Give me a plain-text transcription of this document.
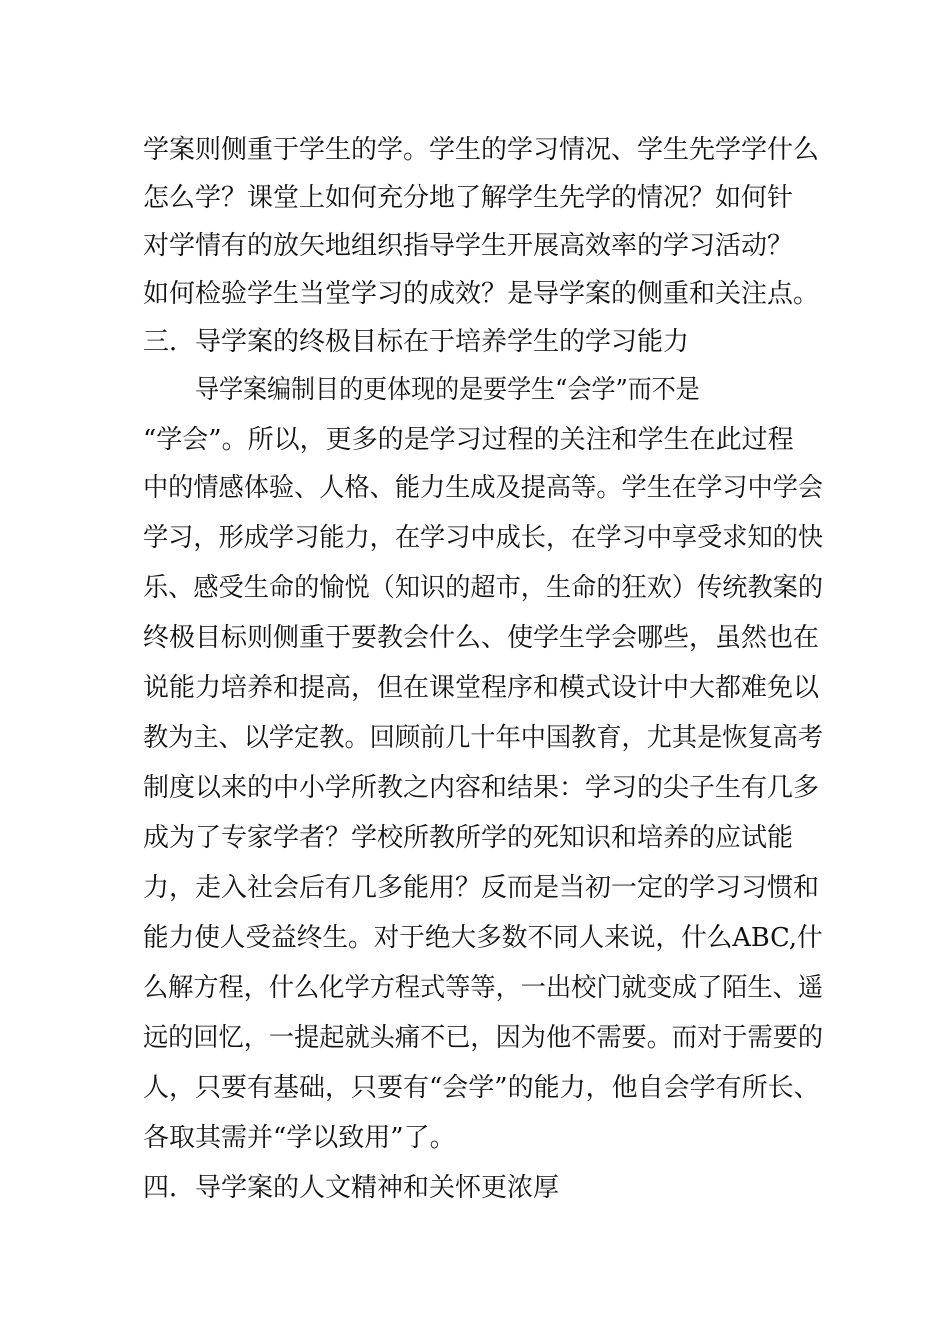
学案则侧重于学生的学。学生的学习情况、学生先学学什么
怎么学？课堂上如何充分地了解学生先学的情况？如何针
对学情有的放矢地组织指导学生开展高效率的学习活动？
如何检验学生当堂学习的成效？是导学案的侧重和关注点。
三．导学案的终极目标在于培养学生的学习能力
导学案编制目的更体现的是要学生“会学”而不是
“学会”。所以，更多的是学习过程的关注和学生在此过程
中的情感体验、人格、能力生成及提高等。学生在学习中学会
学习，形成学习能力，在学习中成长，在学习中享受求知的快
乐、感受生命的愉悦（知识的超市，生命的狂欢）传统教案的
终极目标则侧重于要教会什么、使学生学会哪些，虽然也在
说能力培养和提高，但在课堂程序和模式设计中大都难免以
教为主、以学定教。回顾前几十年中国教育，尤其是恢复高考
制度以来的中小学所教之内容和结果：学习的尖子生有几多
成为了专家学者？学校所教所学的死知识和培养的应试能
力，走入社会后有几多能用？反而是当初一定的学习习惯和
能力使人受益终生。对于绝大多数不同人来说，什么ABC,什
么解方程，什么化学方程式等等，一出校门就变成了陌生、遥
远的回忆，一提起就头痛不已，因为他不需要。而对于需要的
人，只要有基础，只要有“会学”的能力，他自会学有所长、
各取其需并“学以致用”了。
四．导学案的人文精神和关怀更浓厚
